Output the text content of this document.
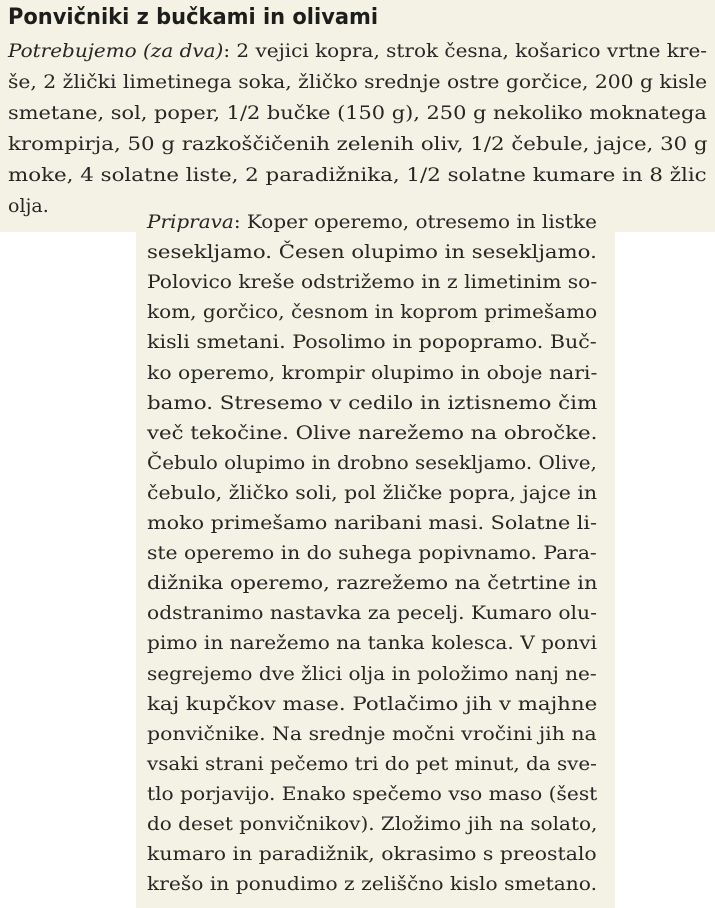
Ponvičniki z bučkami in olivami

Potrebujemo (za dva): 2 vejici kopra, strok česna, košarico vrtne kre-

še, 2 žlički limetinega soka, žličko srednje ostre gorčice, 200 g kisle

smetane, sol, poper, 1/2 bučke (150 g), 250 g nekoliko moknatega

krompirja, 50 g razkoščičenih zelenih oliv, 1/2 čebule, jajce, 30 g

moke, 4 solatne liste, 2 paradižnika, 1/2 solatne kumare in 8 žlic

olja.

Priprava: Koper operemo, otresemo in listke

sesekljamo. Česen olupimo in sesekljamo.

Polovico kreše odstrižemo in z limetinim so-

kom, gorčico, česnom in koprom primešamo

kisli smetani. Posolimo in popopramo. Buč-

ko operemo, krompir olupimo in oboje nari-

bamo. Stresemo v cedilo in iztisnemo čim

več tekočine. Olive narežemo na obročke.

Čebulo olupimo in drobno sesekljamo. Olive,

čebulo, žličko soli, pol žličke popra, jajce in

moko primešamo naribani masi. Solatne li-

ste operemo in do suhega popivnamo. Para-

dižnika operemo, razrežemo na četrtine in

odstranimo nastavka za pecelj. Kumaro olu-

pimo in narežemo na tanka kolesca. V ponvi

segrejemo dve žlici olja in položimo nanj ne-

kaj kupčkov mase. Potlačimo jih v majhne

ponvičnike. Na srednje močni vročini jih na

vsaki strani pečemo tri do pet minut, da sve-

tlo porjavijo. Enako spečemo vso maso (šest

do deset ponvičnikov). Zložimo jih na solato,

kumaro in paradižnik, okrasimo s preostalo

krešo in ponudimo z zeliščno kislo smetano.
